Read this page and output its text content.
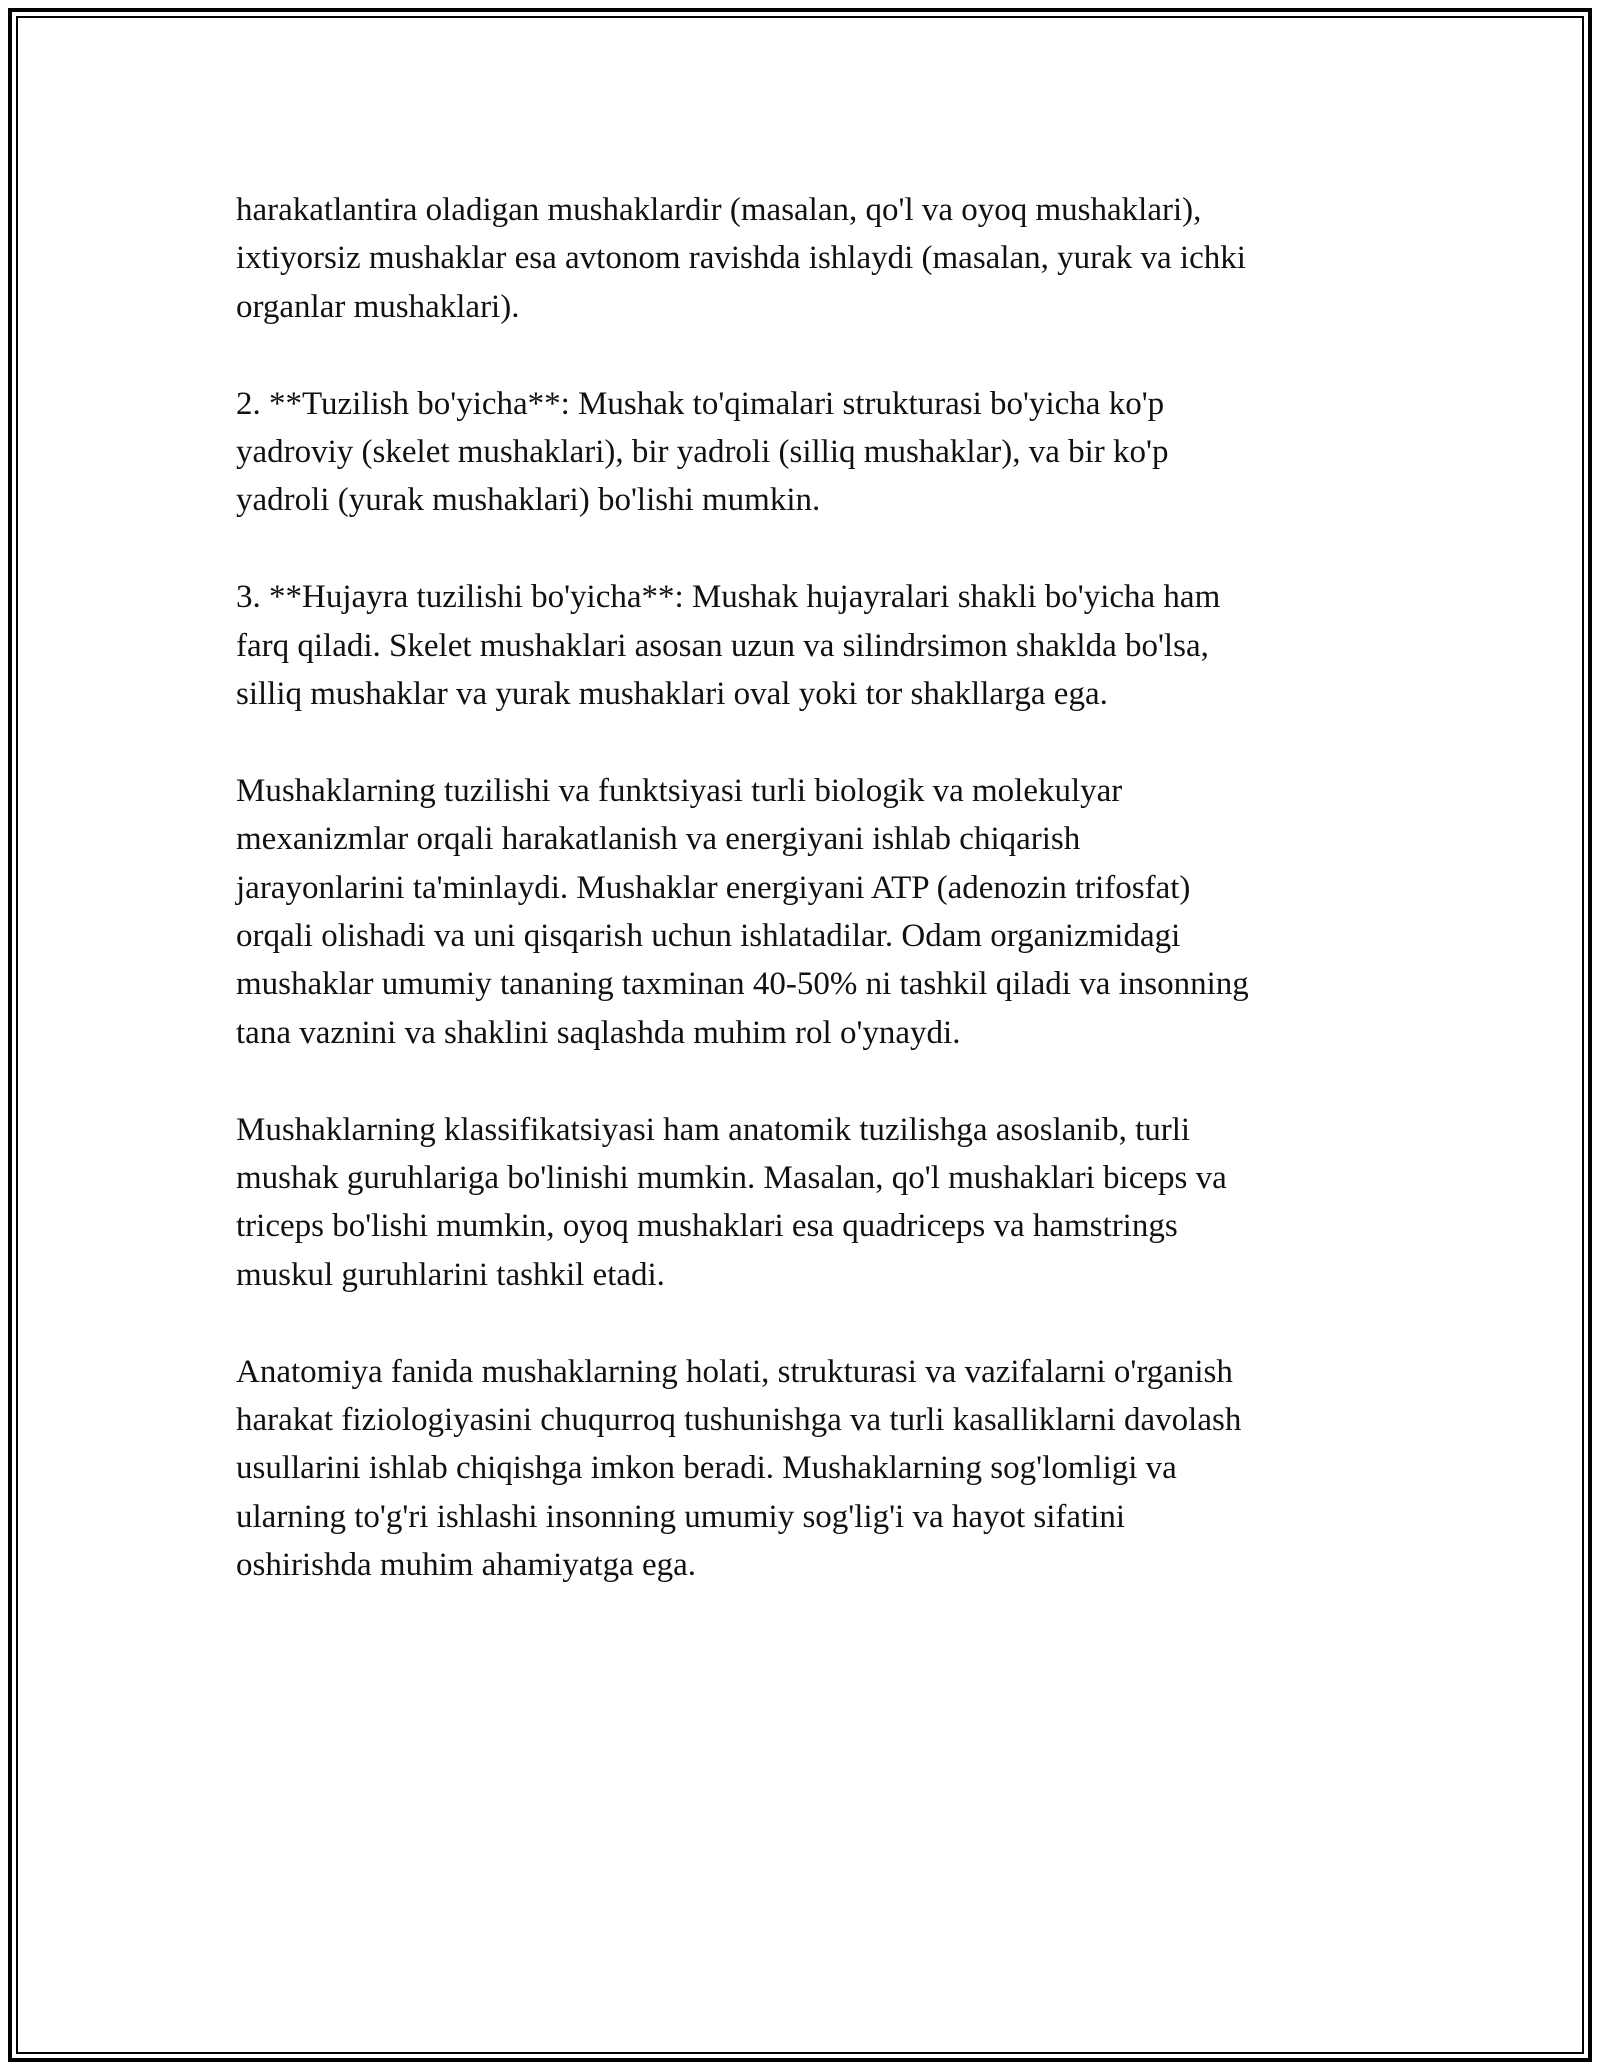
harakatlantira oladigan mushaklardir (masalan, qo'l va oyoq mushaklari),
ixtiyorsiz mushaklar esa avtonom ravishda ishlaydi (masalan, yurak va ichki
organlar mushaklari).

2. **Tuzilish bo'yicha**: Mushak to'qimalari strukturasi bo'yicha ko'p
yadroviy (skelet mushaklari), bir yadroli (silliq mushaklar), va bir ko'p
yadroli (yurak mushaklari) bo'lishi mumkin.

3. **Hujayra tuzilishi bo'yicha**: Mushak hujayralari shakli bo'yicha ham
farq qiladi. Skelet mushaklari asosan uzun va silindrsimon shaklda bo'lsa,
silliq mushaklar va yurak mushaklari oval yoki tor shakllarga ega.

Mushaklarning tuzilishi va funktsiyasi turli biologik va molekulyar
mexanizmlar orqali harakatlanish va energiyani ishlab chiqarish
jarayonlarini ta'minlaydi. Mushaklar energiyani ATP (adenozin trifosfat)
orqali olishadi va uni qisqarish uchun ishlatadilar. Odam organizmidagi
mushaklar umumiy tananing taxminan 40-50% ni tashkil qiladi va insonning
tana vaznini va shaklini saqlashda muhim rol o'ynaydi.

Mushaklarning klassifikatsiyasi ham anatomik tuzilishga asoslanib, turli
mushak guruhlariga bo'linishi mumkin. Masalan, qo'l mushaklari biceps va
triceps bo'lishi mumkin, oyoq mushaklari esa quadriceps va hamstrings
muskul guruhlarini tashkil etadi.

Anatomiya fanida mushaklarning holati, strukturasi va vazifalarni o'rganish
harakat fiziologiyasini chuqurroq tushunishga va turli kasalliklarni davolash
usullarini ishlab chiqishga imkon beradi. Mushaklarning sog'lomligi va
ularning to'g'ri ishlashi insonning umumiy sog'lig'i va hayot sifatini
oshirishda muhim ahamiyatga ega.
